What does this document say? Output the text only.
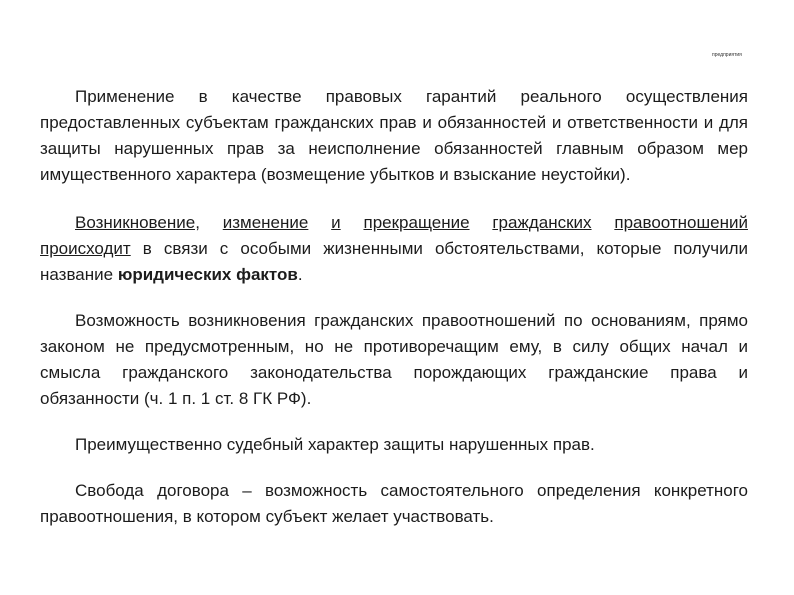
предприятия

Применение в качестве правовых гарантий реального осуществления предоставленных субъектам гражданских прав и обязанностей и ответственности и для защиты нарушенных прав за неисполнение обязанностей главным образом мер имущественного характера (возмещение убытков и взыскание неустойки).

Возникновение, изменение и прекращение гражданских правоотношений происходит в связи с особыми жизненными обстоятельствами, которые получили название юридических фактов.

Возможность возникновения гражданских правоотношений по основаниям, прямо законом не предусмотренным, но не противоречащим ему, в силу общих начал и смысла гражданского законодательства порождающих гражданские права и обязанности (ч. 1 п. 1 ст. 8 ГК РФ).

Преимущественно судебный характер защиты нарушенных прав.

Свобода договора – возможность самостоятельного определения конкретного правоотношения, в котором субъект желает участвовать.
